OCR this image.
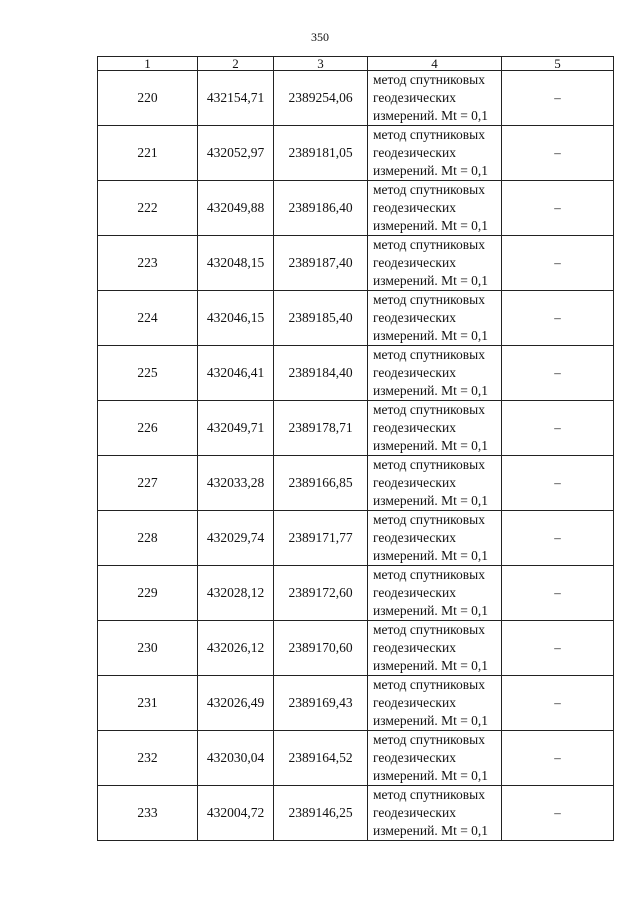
350
1	2	3	4	5
220	432154,71	2389254,06	метод спутниковых
геодезических
измерений. Mt = 0,1	–
221	432052,97	2389181,05	метод спутниковых
геодезических
измерений. Mt = 0,1	–
222	432049,88	2389186,40	метод спутниковых
геодезических
измерений. Mt = 0,1	–
223	432048,15	2389187,40	метод спутниковых
геодезических
измерений. Mt = 0,1	–
224	432046,15	2389185,40	метод спутниковых
геодезических
измерений. Mt = 0,1	–
225	432046,41	2389184,40	метод спутниковых
геодезических
измерений. Mt = 0,1	–
226	432049,71	2389178,71	метод спутниковых
геодезических
измерений. Mt = 0,1	–
227	432033,28	2389166,85	метод спутниковых
геодезических
измерений. Mt = 0,1	–
228	432029,74	2389171,77	метод спутниковых
геодезических
измерений. Mt = 0,1	–
229	432028,12	2389172,60	метод спутниковых
геодезических
измерений. Mt = 0,1	–
230	432026,12	2389170,60	метод спутниковых
геодезических
измерений. Mt = 0,1	–
231	432026,49	2389169,43	метод спутниковых
геодезических
измерений. Mt = 0,1	–
232	432030,04	2389164,52	метод спутниковых
геодезических
измерений. Mt = 0,1	–
233	432004,72	2389146,25	метод спутниковых
геодезических
измерений. Mt = 0,1	–
